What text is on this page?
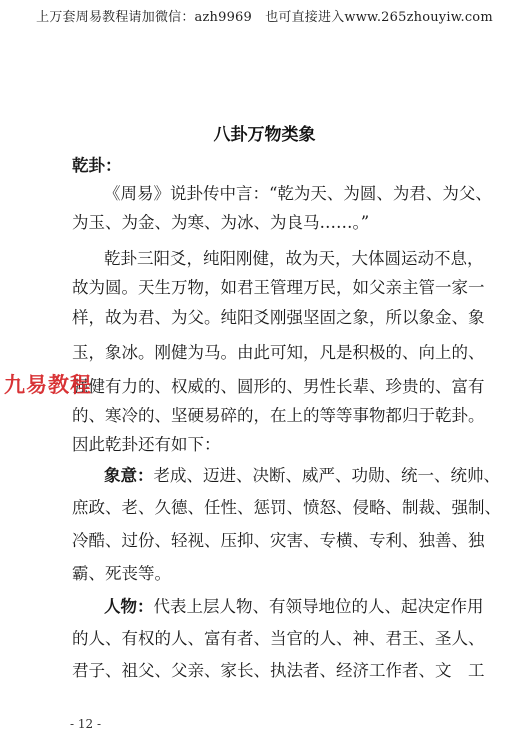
上万套周易教程请加微信：azh9969　也可直接进入www.265zhouyiw.com
八卦万物类象
乾卦：
《周易》说卦传中言：“乾为天、为圆、为君、为父、
为玉、为金、为寒、为冰、为良马……。”
乾卦三阳爻，纯阳刚健，故为天，大体圆运动不息，
故为圆。天生万物，如君王管理万民，如父亲主管一家一
样，故为君、为父。纯阳爻刚强坚固之象，所以象金、象
玉，象冰。刚健为马。由此可知，凡是积极的、向上的、
强健有力的、权威的、圆形的、男性长辈、珍贵的、富有
的、寒冷的、坚硬易碎的，在上的等等事物都归于乾卦。
因此乾卦还有如下：
象意：老成、迈进、决断、威严、功勋、统一、统帅、
庶政、老、久德、任性、惩罚、愤怒、侵略、制裁、强制、
冷酷、过份、轻视、压抑、灾害、专横、专利、独善、独
霸、死丧等。
人物：代表上层人物、有领导地位的人、起决定作用
的人、有权的人、富有者、当官的人、神、君王、圣人、
君子、祖父、父亲、家长、执法者、经济工作者、文　工
九易教程
- 12 -
